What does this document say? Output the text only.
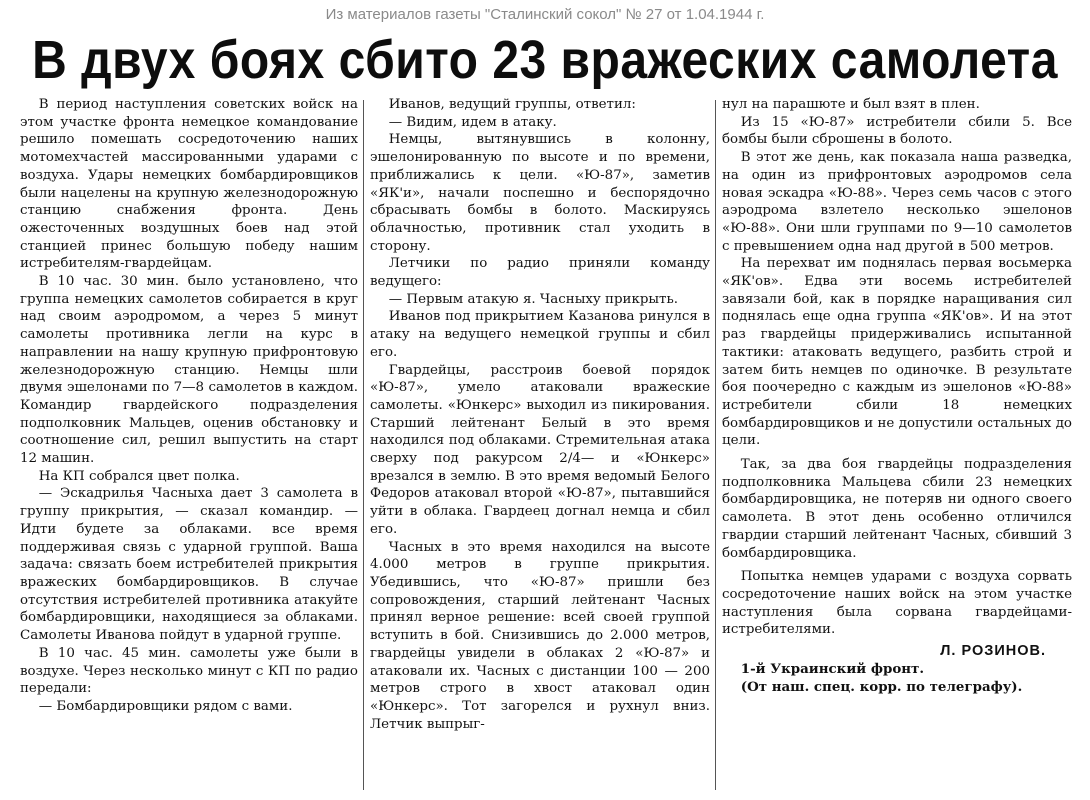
Из материалов газеты "Сталинский сокол" № 27 от 1.04.1944 г.
В двух боях сбито 23 вражеских самолета

В период наступления советских войск на этом участке фронта немецкое командование решило помешать сосредоточению наших мотомехчастей массированными ударами с воздуха. Удары немецких бомбардировщиков были нацелены на крупную железнодорожную станцию снабжения фронта. День ожесточенных воздушных боев над этой станцией принес большую победу нашим истребителям-гвардейцам.

В 10 час. 30 мин. было установлено, что группа немецких самолетов собирается в круг над своим аэродромом, а через 5 минут самолеты противника легли на курс в направлении на нашу крупную прифронтовую железнодорожную станцию. Немцы шли двумя эшелонами по 7—8 самолетов в каждом. Командир гвардейского подразделения подполковник Мальцев, оценив обстановку и соотношение сил, решил выпустить на старт 12 машин.

На КП собрался цвет полка.

— Эскадрилья Часныха дает 3 самолета в группу прикрытия, — сказал командир. — Идти будете за облаками. все время поддерживая связь с ударной группой. Ваша задача: связать боем истребителей прикрытия вражеских бомбардировщиков. В случае отсутствия истребителей противника атакуйте бомбардировщики, находящиеся за облаками. Самолеты Иванова пойдут в ударной группе.

В 10 час. 45 мин. самолеты уже были в воздухе. Через несколько минут с КП по радио передали:

— Бомбардировщики рядом с вами.

Иванов, ведущий группы, ответил:

— Видим, идем в атаку.

Немцы, вытянувшись в колонну, эшелонированную по высоте и по времени, приближались к цели. «Ю-87», заметив «ЯК'и», начали поспешно и беспорядочно сбрасывать бомбы в болото. Маскируясь облачностью, противник стал уходить в сторону.

Летчики по радио приняли команду ведущего:

— Первым атакую я. Часныху прикрыть.

Иванов под прикрытием Казанова ринулся в атаку на ведущего немецкой группы и сбил его.

Гвардейцы, расстроив боевой порядок «Ю-87», умело атаковали вражеские самолеты. «Юнкерс» выходил из пикирования. Старший лейтенант Белый в это время находился под облаками. Стремительная атака сверху под ракурсом 2/4— и «Юнкерс» врезался в землю. В это время ведомый Белого Федоров атаковал второй «Ю-87», пытавшийся уйти в облака. Гвардеец догнал немца и сбил его.

Часных в это время находился на высоте 4.000 метров в группе прикрытия. Убедившись, что «Ю-87» пришли без сопровождения, старший лейтенант Часных принял верное решение: всей своей группой вступить в бой. Снизившись до 2.000 метров, гвардейцы увидели в облаках 2 «Ю-87» и атаковали их. Часных с дистанции 100 — 200 метров строго в хвост атаковал один «Юнкерс». Тот загорелся и рухнул вниз. Летчик выпрыг-

нул на парашюте и был взят в плен.

Из 15 «Ю-87» истребители сбили 5. Все бомбы были сброшены в болото.

В этот же день, как показала наша разведка, на один из прифронтовых аэродромов села новая эскадра «Ю-88». Через семь часов с этого аэродрома взлетело несколько эшелонов «Ю-88». Они шли группами по 9—10 самолетов с превышением одна над другой в 500 метров.

На перехват им поднялась первая восьмерка «ЯК'ов». Едва эти восемь истребителей завязали бой, как в порядке наращивания сил поднялась еще одна группа «ЯК'ов». И на этот раз гвардейцы придерживались испытанной тактики: атаковать ведущего, разбить строй и затем бить немцев по одиночке. В результате боя поочередно с каждым из эшелонов «Ю-88» истребители сбили 18 немецких бомбардировщиков и не допустили остальных до цели.

Так, за два боя гвардейцы подразделения подполковника Мальцева сбили 23 немецких бомбардировщика, не потеряв ни одного своего самолета. В этот день особенно отличился гвардии старший лейтенант Часных, сбивший 3 бомбардировщика.

Попытка немцев ударами с воздуха сорвать сосредоточение наших войск на этом участке наступления была сорвана гвардейцами-истребителями.

Л. РОЗИНОВ.

1-й Украинский фронт.

(От наш. спец. корр. по телеграфу).
